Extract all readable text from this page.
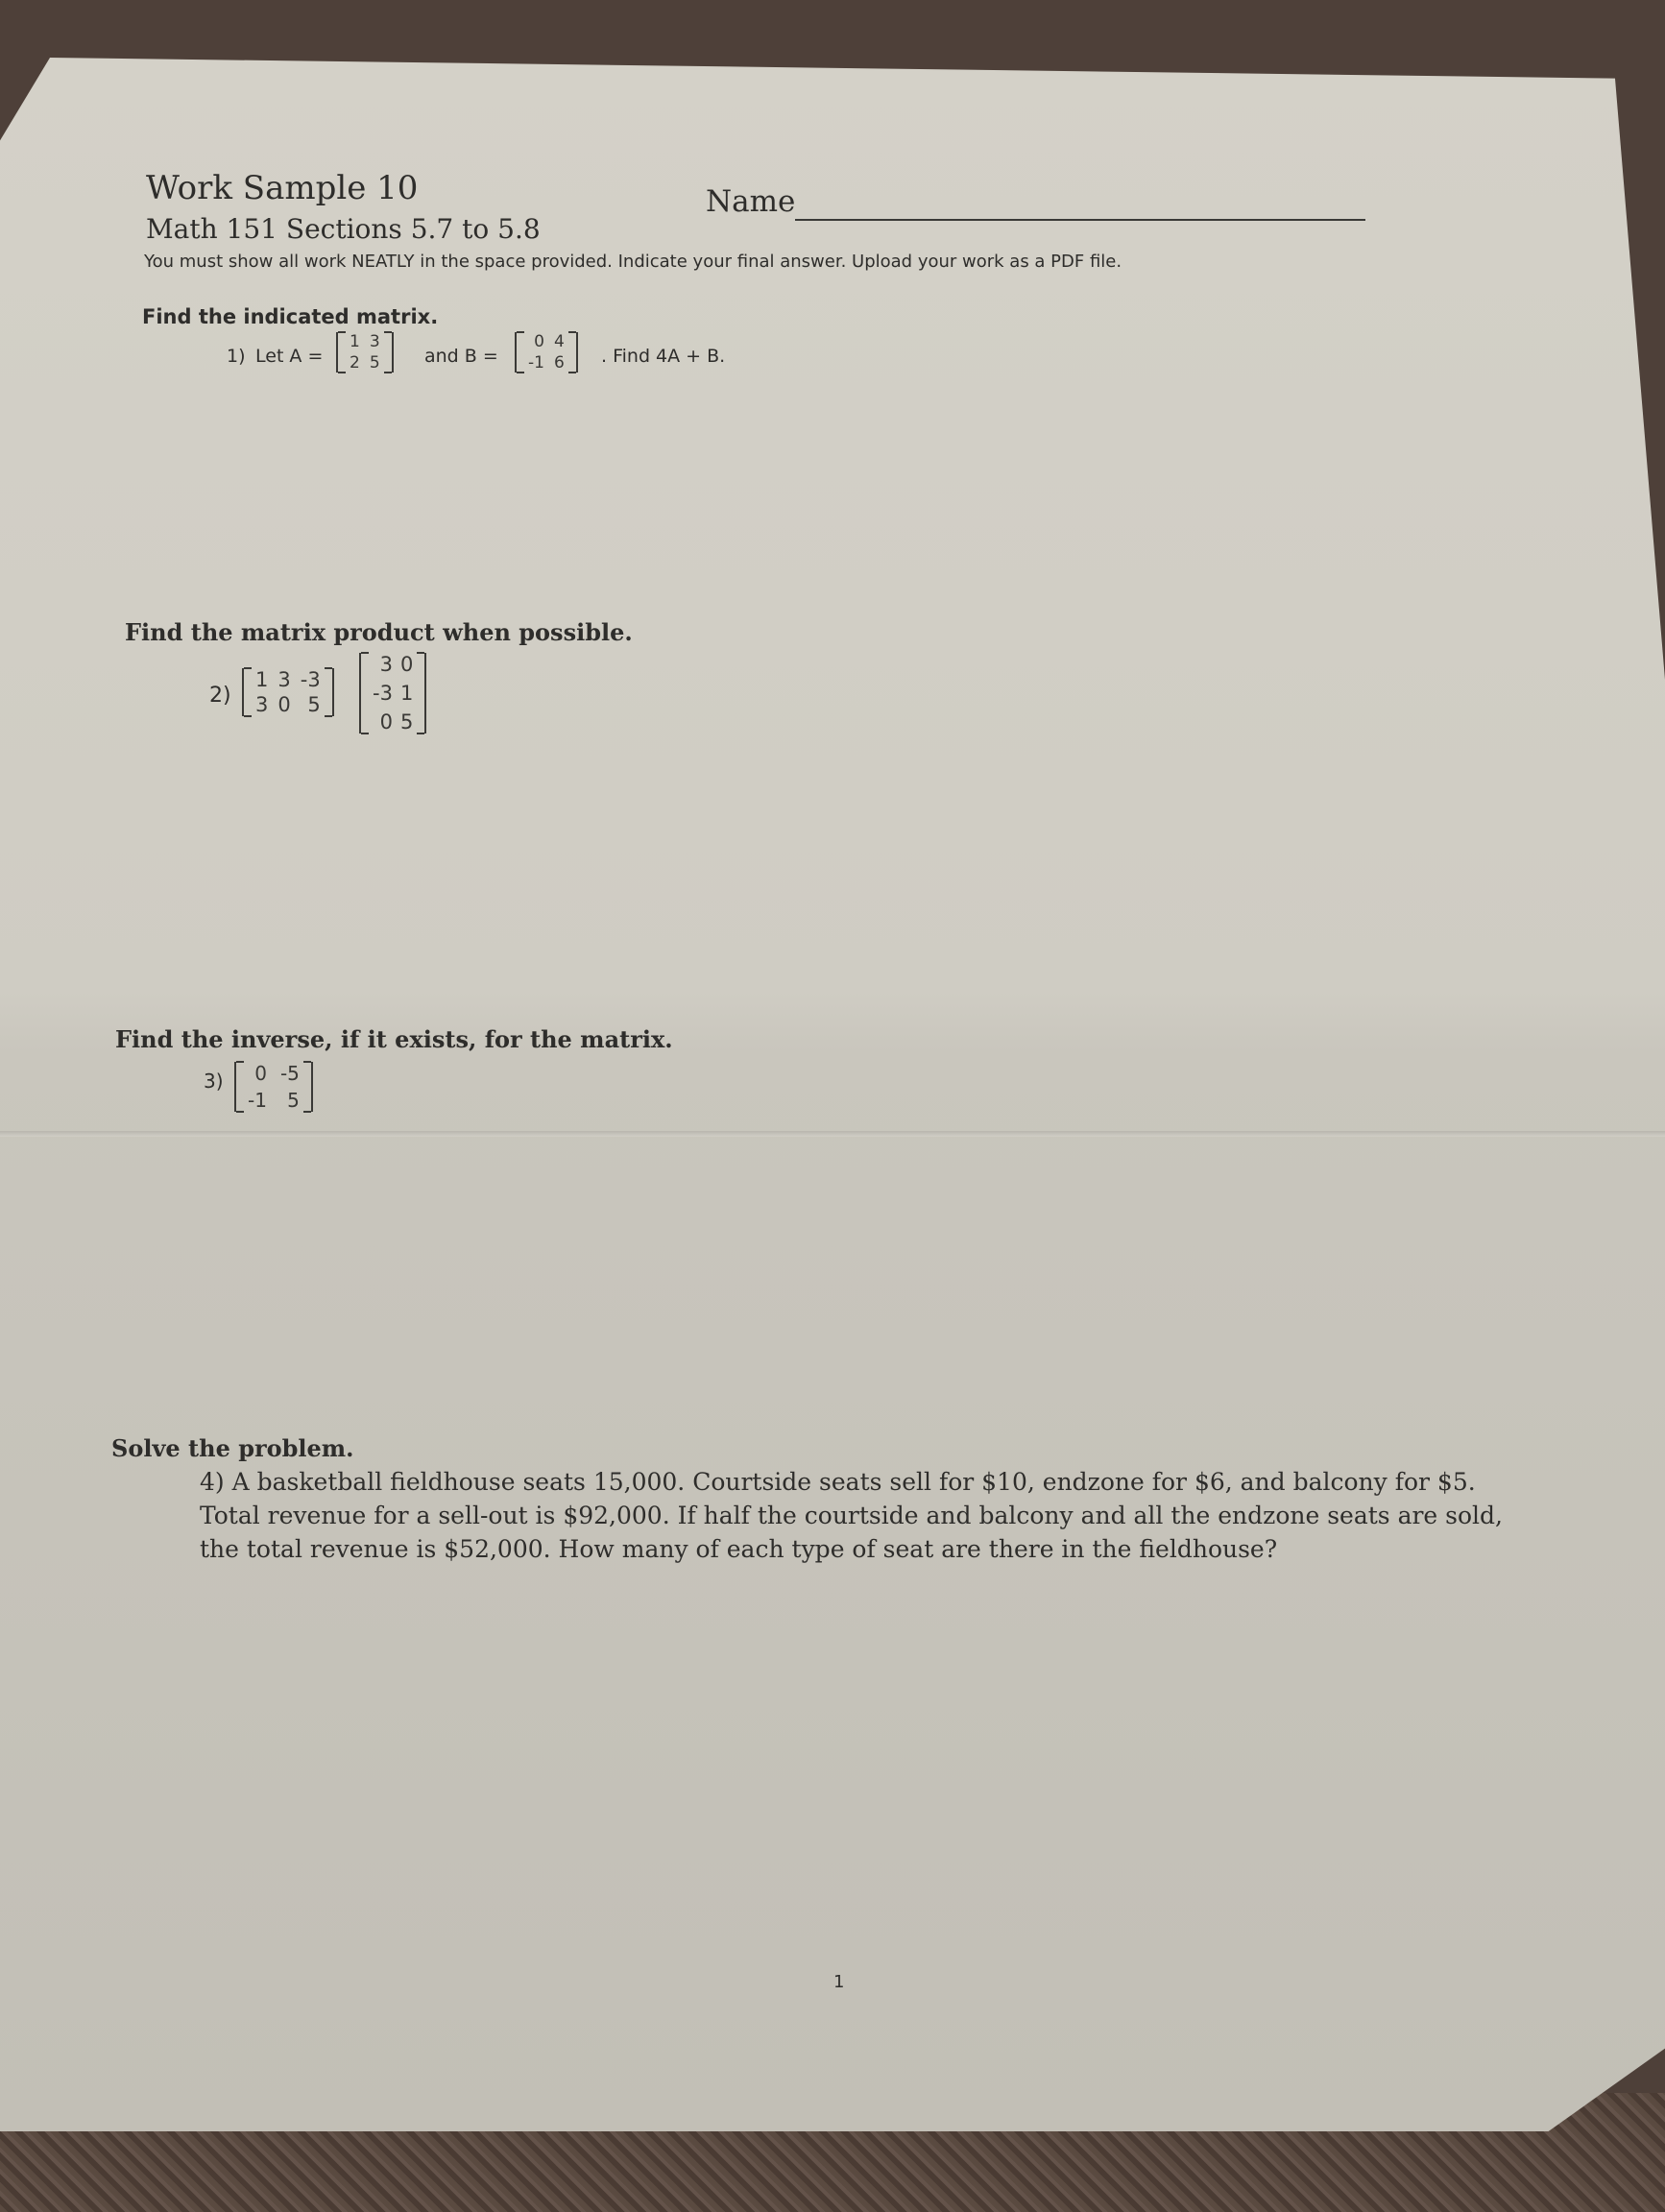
Work Sample 10	Name
Math 151 Sections 5.7 to 5.8
You must show all work NEATLY in the space provided. Indicate your final answer. Upload your work as a PDF file.
Find the indicated matrix.
1) Let A =
1 3
2 5 and B =
0 4
-1 6 . Find 4A + B.
Find the matrix product when possible.
2)
1 3 -3
3 0 5
3 0
-3 1
0 5
Find the inverse, if it exists, for the matrix.
3)	0 -5
-1	5
Solve the problem.
4) A basketball fieldhouse seats 15,000. Courtside seats sell for $10, endzone for $6, and balcony for $5. Total revenue for a sell-out is $92,000. If half the courtside and balcony and all the endzone seats are sold, the total revenue is $52,000. How many of each type of seat are there in the fieldhouse?
1
